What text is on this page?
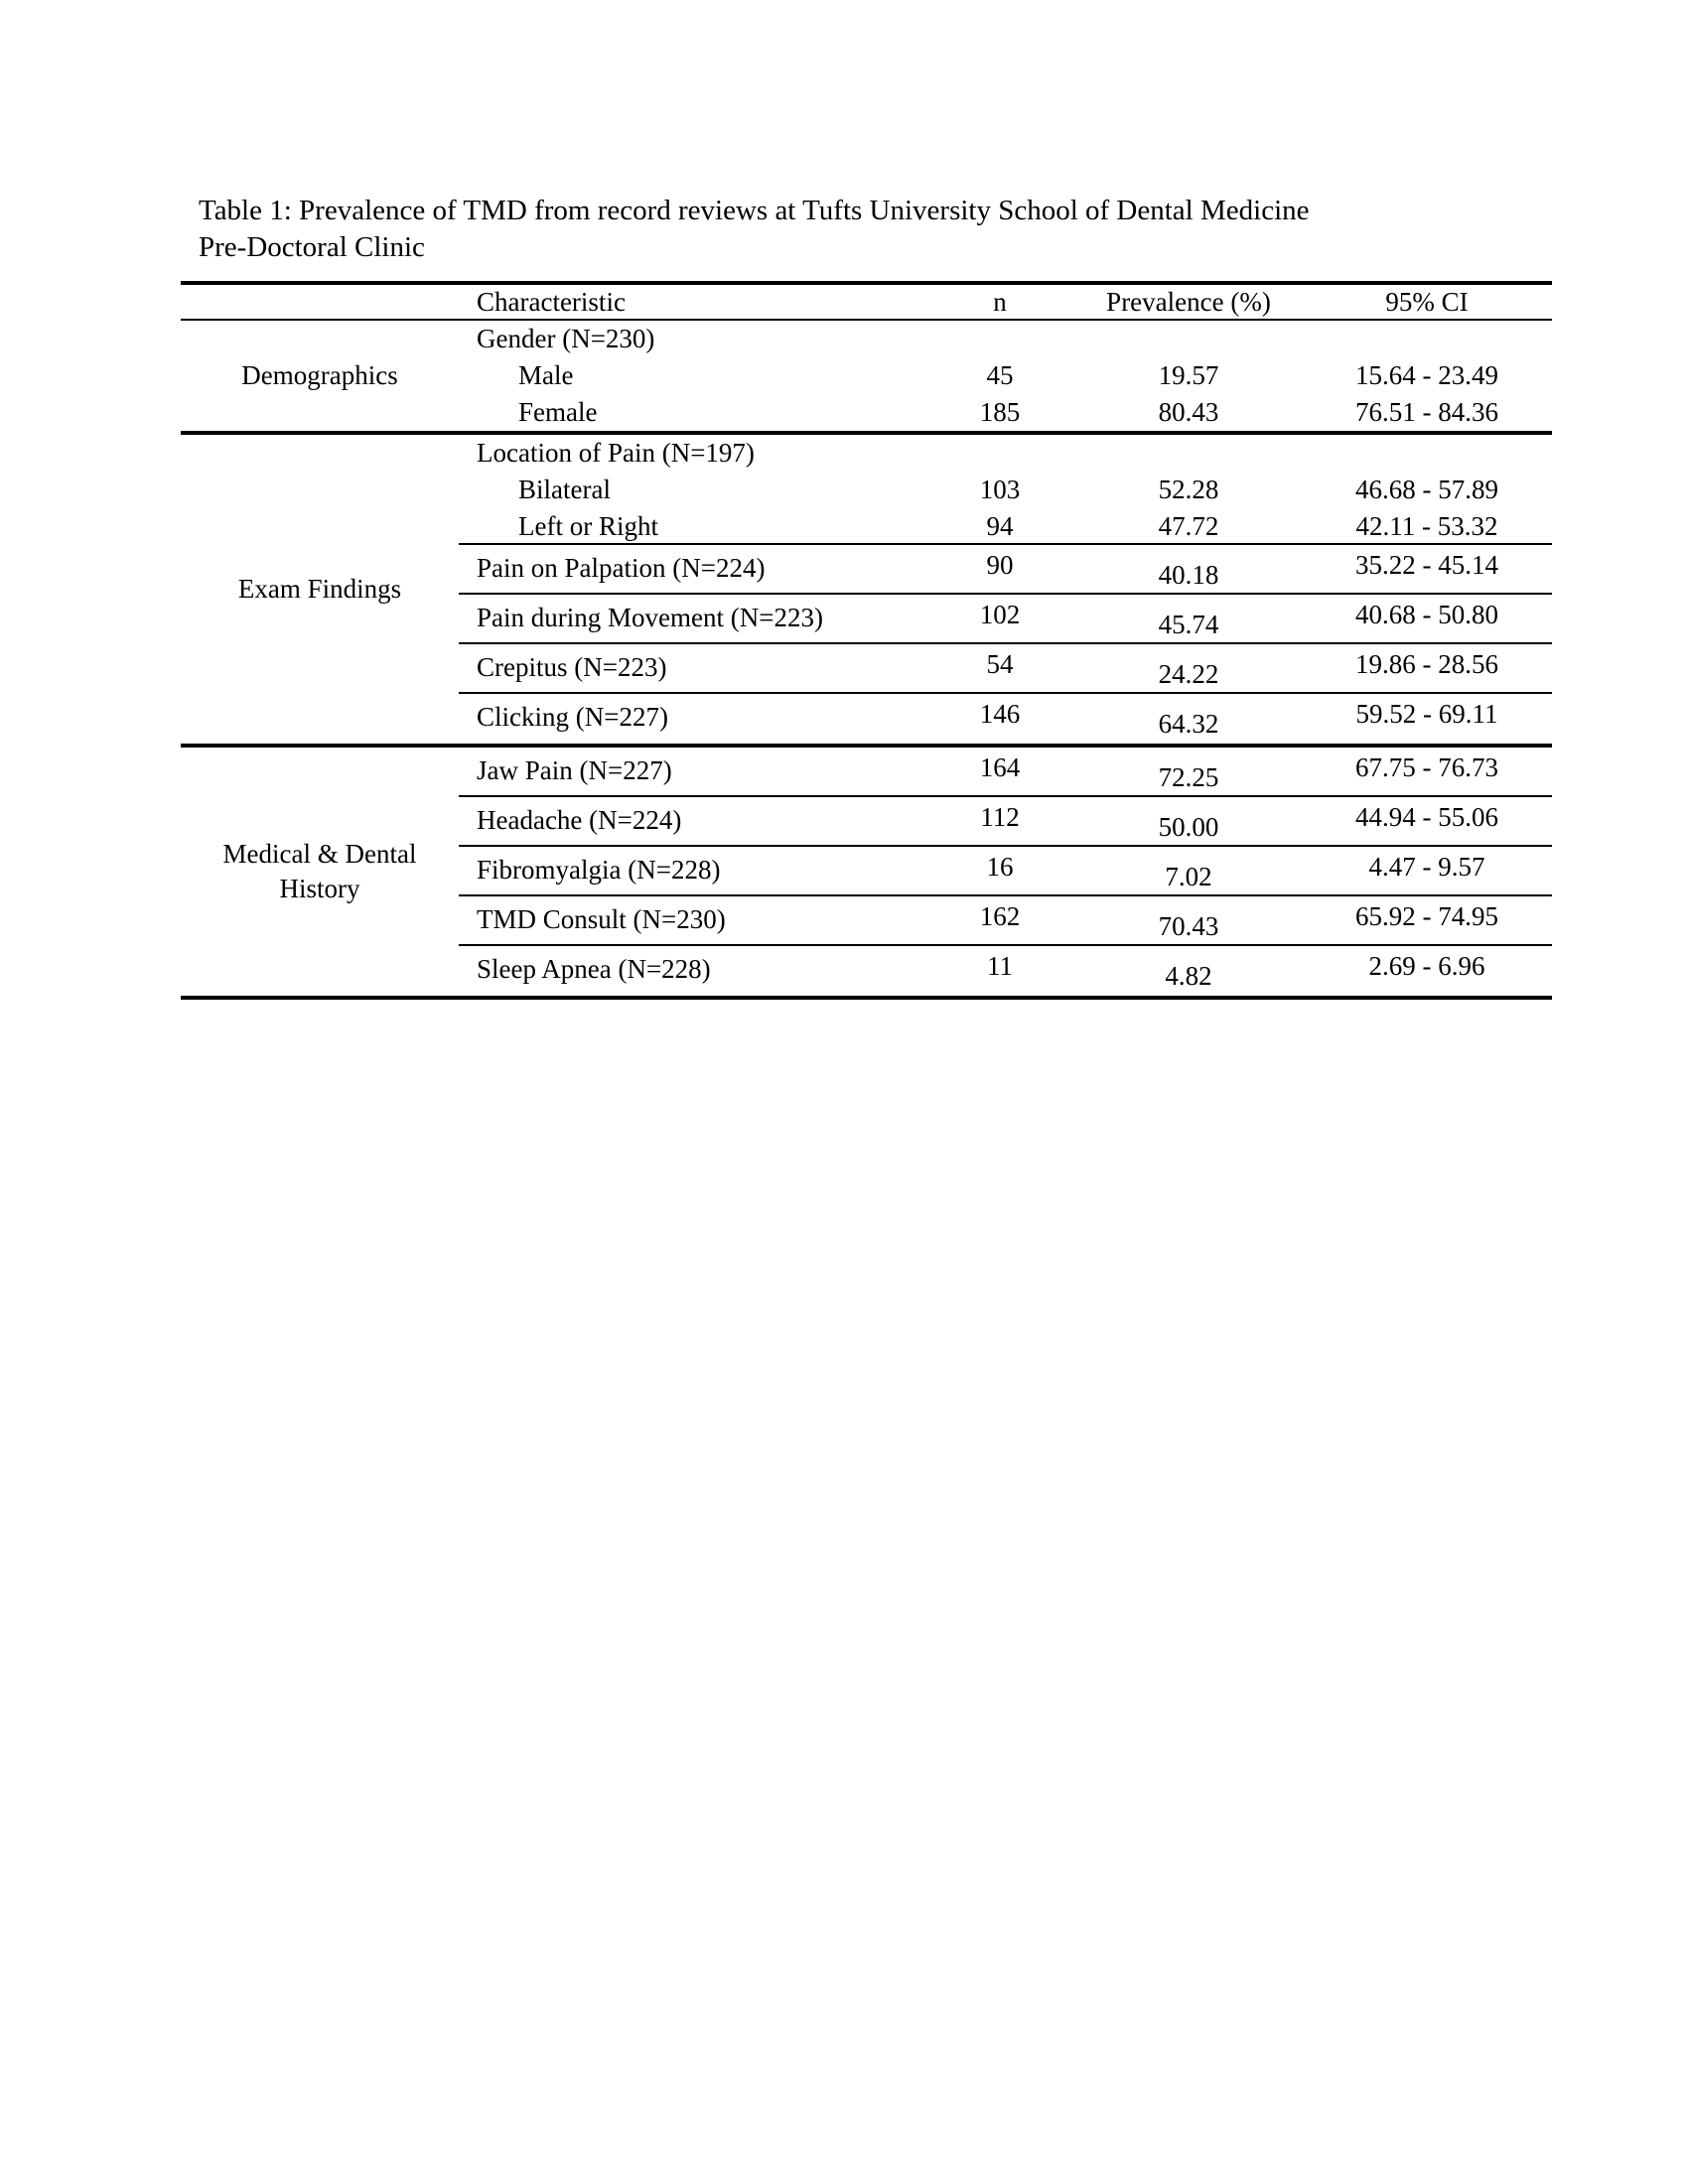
Table 1: Prevalence of TMD from record reviews at Tufts University School of Dental Medicine
Pre-Doctoral Clinic
Characteristic	n	Prevalence (%)	95% CI
Demographics
Gender (N=230)
Male	45	19.57	15.64 - 23.49
Female	185	80.43	76.51 - 84.36
Exam Findings
Location of Pain (N=197)
Bilateral	103	52.28	46.68 - 57.89
Left or Right	94	47.72	42.11 - 53.32
Pain on Palpation (N=224)	90	40.18	35.22 - 45.14
Pain during Movement (N=223)	102	45.74	40.68 - 50.80
Crepitus (N=223)	54	24.22	19.86 - 28.56
Clicking (N=227)	146	64.32	59.52 - 69.11
Medical & Dental History
Jaw Pain (N=227)	164	72.25	67.75 - 76.73
Headache (N=224)	112	50.00	44.94 - 55.06
Fibromyalgia (N=228)	16	7.02	4.47 - 9.57
TMD Consult (N=230)	162	70.43	65.92 - 74.95
Sleep Apnea (N=228)	11	4.82	2.69 - 6.96
